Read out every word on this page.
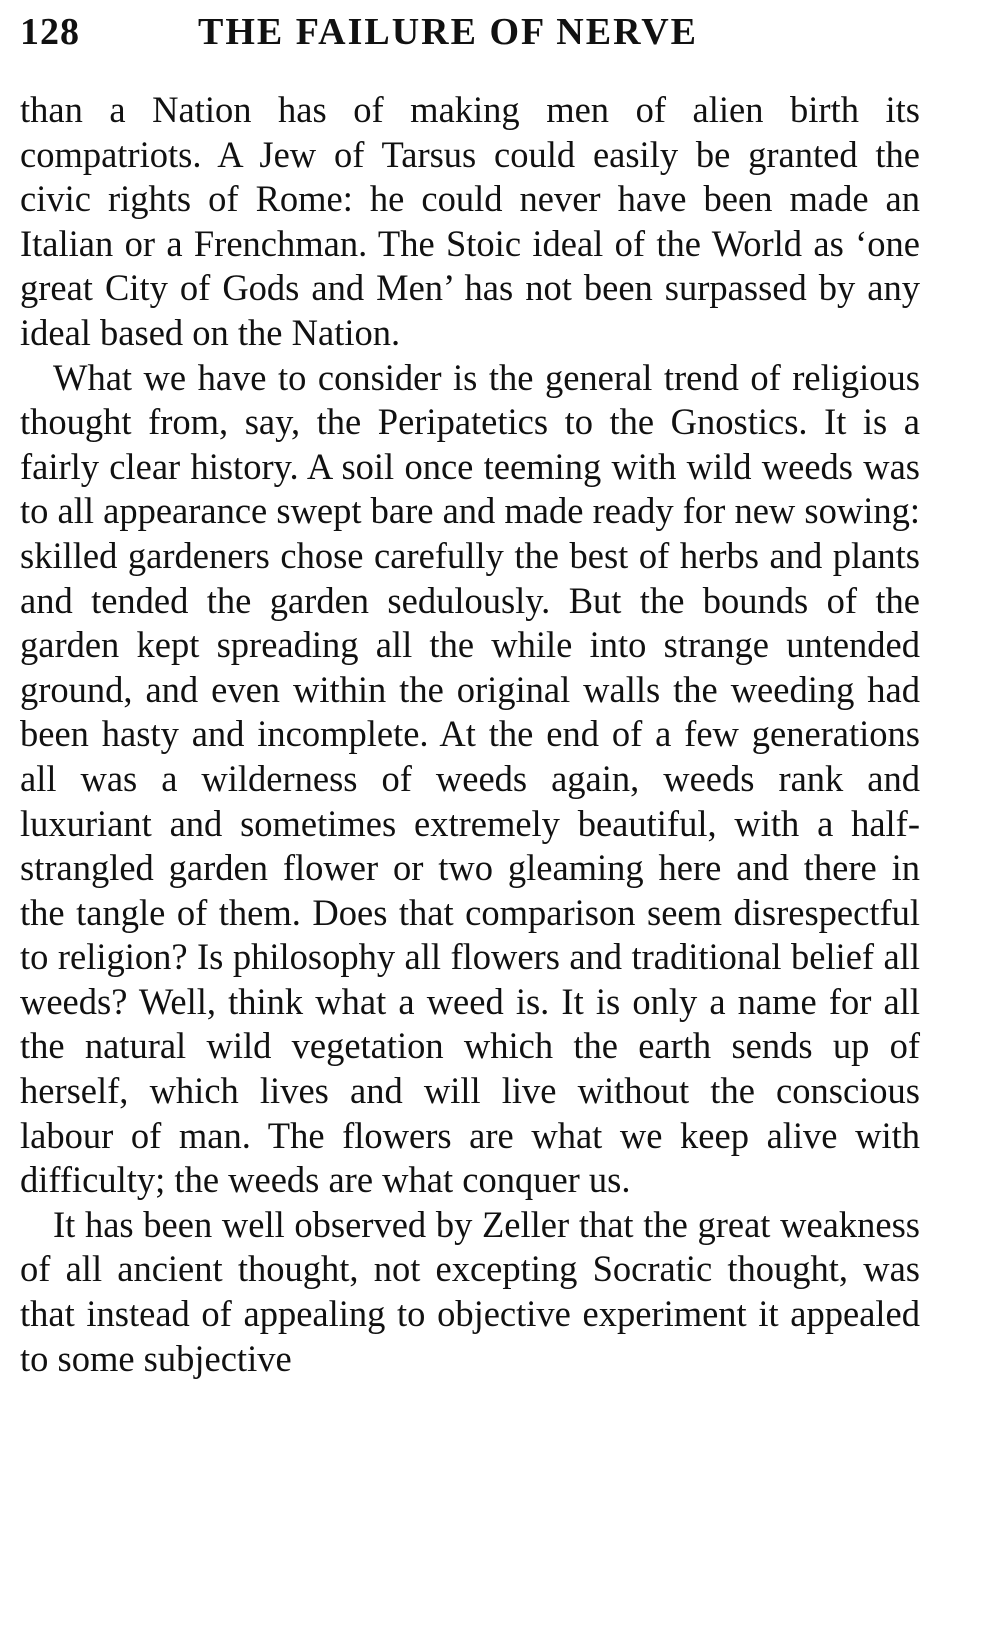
128	THE FAILURE OF NERVE

than a Nation has of making men of alien birth its compatriots. A Jew of Tarsus could easily be granted the civic rights of Rome: he could never have been made an Italian or a Frenchman. The Stoic ideal of the World as ‘one great City of Gods and Men’ has not been surpassed by any ideal based on the Nation.

What we have to consider is the general trend of religious thought from, say, the Peripatetics to the Gnostics. It is a fairly clear history. A soil once teeming with wild weeds was to all appearance swept bare and made ready for new sowing: skilled gardeners chose carefully the best of herbs and plants and tended the garden sedulously. But the bounds of the garden kept spreading all the while into strange untended ground, and even within the original walls the weeding had been hasty and incomplete. At the end of a few generations all was a wilderness of weeds again, weeds rank and luxuriant and sometimes extremely beautiful, with a half-strangled garden flower or two gleaming here and there in the tangle of them. Does that comparison seem disrespectful to religion? Is philosophy all flowers and traditional belief all weeds? Well, think what a weed is. It is only a name for all the natural wild vegetation which the earth sends up of herself, which lives and will live without the conscious labour of man. The flowers are what we keep alive with difficulty; the weeds are what conquer us.

It has been well observed by Zeller that the great weakness of all ancient thought, not excepting Socratic thought, was that instead of appealing to objective experiment it appealed to some subjective
